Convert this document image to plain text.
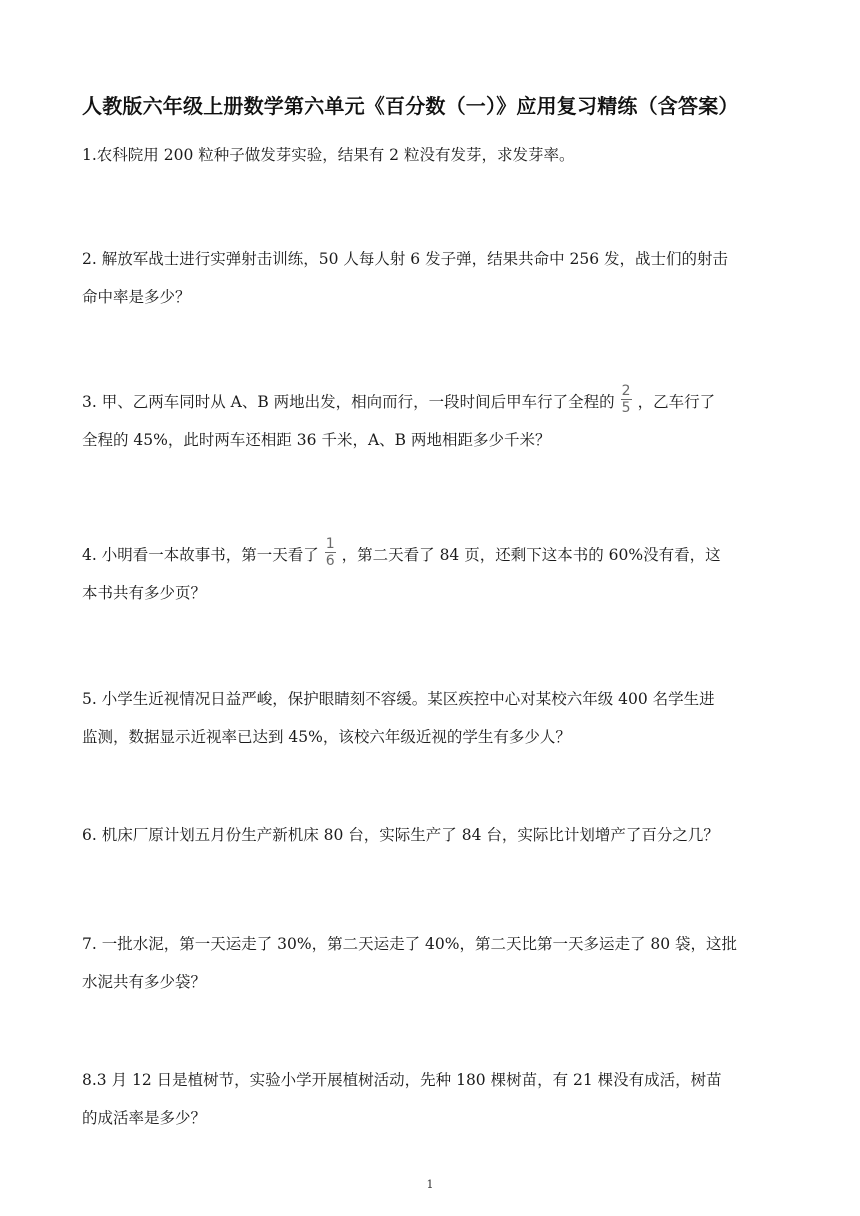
人教版六年级上册数学第六单元《百分数（一）》应用复习精练（含答案）
1.农科院用 200 粒种子做发芽实验，结果有 2 粒没有发芽，求发芽率。
2. 解放军战士进行实弹射击训练，50 人每人射 6 发子弹，结果共命中 256 发，战士们的射击
命中率是多少？
3. 甲、乙两车同时从 A、B 两地出发，相向而行，一段时间后甲车行了全程的 $\frac{2}{5}$ ，乙车行了
全程的 45%，此时两车还相距 36 千米，A、B 两地相距多少千米？
4. 小明看一本故事书，第一天看了 $\frac{1}{6}$ ，第二天看了 84 页，还剩下这本书的 60%没有看，这
本书共有多少页？
5. 小学生近视情况日益严峻，保护眼睛刻不容缓。某区疾控中心对某校六年级 400 名学生进
监测，数据显示近视率已达到 45%，该校六年级近视的学生有多少人？
6. 机床厂原计划五月份生产新机床 80 台，实际生产了 84 台，实际比计划增产了百分之几？
7. 一批水泥，第一天运走了 30%，第二天运走了 40%，第二天比第一天多运走了 80 袋，这批
水泥共有多少袋？
8.3 月 12 日是植树节，实验小学开展植树活动，先种 180 棵树苗，有 21 棵没有成活，树苗
的成活率是多少？
1
